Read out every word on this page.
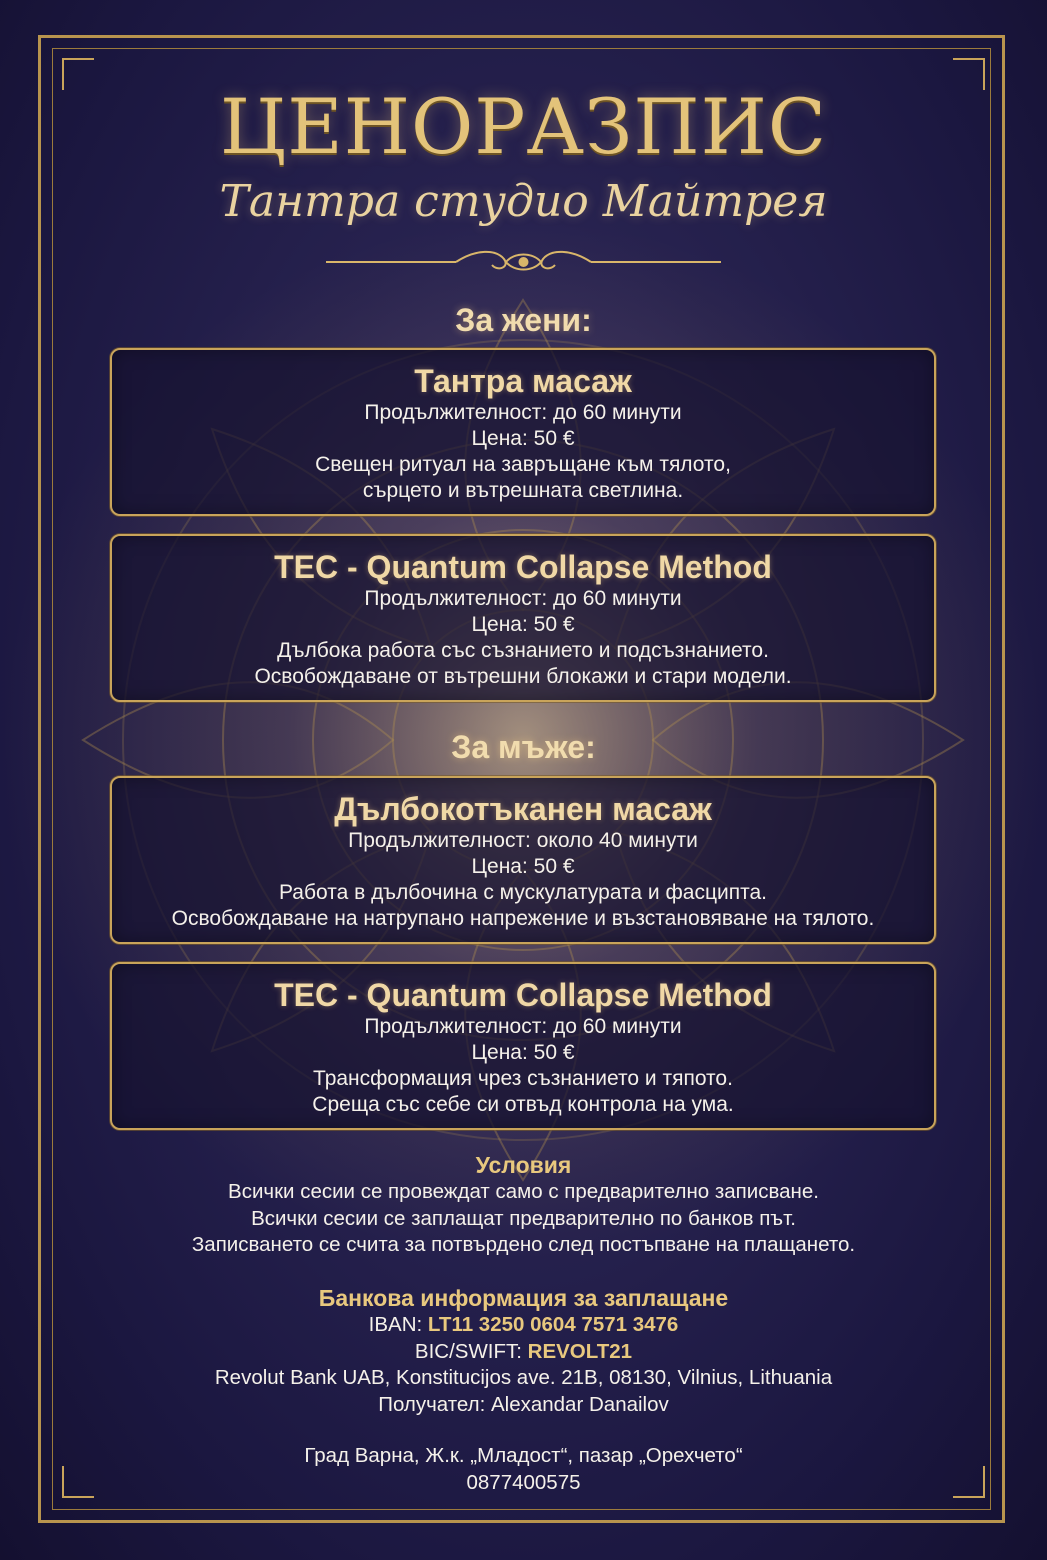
ЦЕНОРАЗПИС
Тантра студио Майтрея
За жени:
Тантра масаж
Продължителност: до 60 минути
Цена: 50 €
Свещен ритуал на завръщане към тялото,
сърцето и вътрешната светлина.
TEC - Quantum Collapse Method
Продължителност: до 60 минути
Цена: 50 €
Дълбока работа със съзнанието и подсъзнанието.
Освобождаване от вътрешни блокажи и стари модели.
За мъже:
Дълбокотъканен масаж
Продължителност: около 40 минути
Цена: 50 €
Работа в дълбочина с мускулатурата и фасципта.
Освобождаване на натрупано напрежение и възстановяване на тялото.
TEC - Quantum Collapse Method
Продължителност: до 60 минути
Цена: 50 €
Трансформация чрез съзнанието и тяпото.
Среща със себе си отвъд контрола на ума.
Условия
Всички сесии се провеждат само с предварително записване.
Всички сесии се заплащат предварително по банков път.
Записването се счита за потвърдено след постъпване на плащането.
Банкова информация за заплащане
IBAN: LT11 3250 0604 7571 3476
BIC/SWIFT: REVOLT21
Revolut Bank UAB, Konstitucijos ave. 21B, 08130, Vilnius, Lithuania
Получател: Alexandar Danailov
Град Варна, Ж.к. „Младост“, пазар „Орехчето“
0877400575
